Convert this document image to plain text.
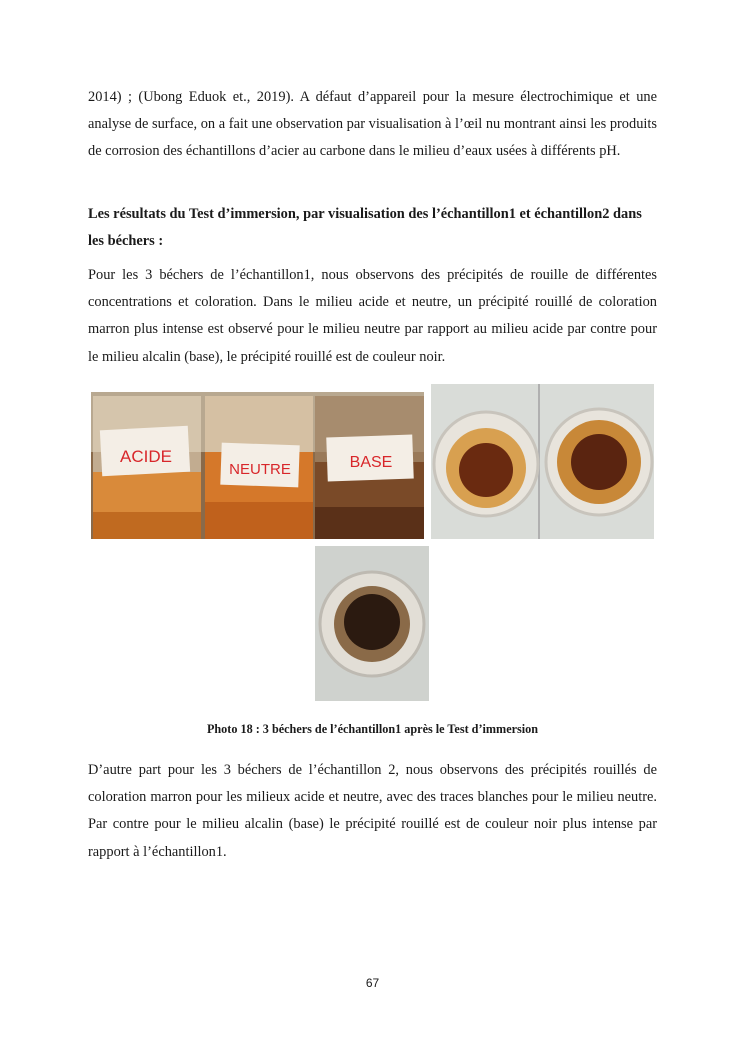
2014) ; (Ubong Eduok et., 2019). A défaut d’appareil pour la mesure électrochimique et une analyse de surface, on a fait une observation par visualisation à l’œil nu montrant ainsi les produits de corrosion des échantillons d’acier au carbone dans le milieu d’eaux usées à différents pH.

Les résultats du Test d’immersion, par visualisation des l’échantillon1 et échantillon2 dans les béchers :

Pour les 3 béchers de l’échantillon1, nous observons des précipités de rouille de différentes concentrations et coloration. Dans le milieu acide et neutre, un précipité rouillé de coloration marron plus intense est observé pour le milieu neutre par rapport au milieu acide par contre pour le milieu alcalin (base), le précipité rouillé est de couleur noir.

ACIDE
NEUTRE	BASE
Photo 18 : 3 béchers de l’échantillon1 après le Test d’immersion

D’autre part pour les 3 béchers de l’échantillon 2, nous observons des précipités rouillés de coloration marron pour les milieux acide et neutre, avec des traces blanches pour le milieu neutre. Par contre pour le milieu alcalin (base) le précipité rouillé est de couleur noir plus intense par rapport à l’échantillon1.

67
